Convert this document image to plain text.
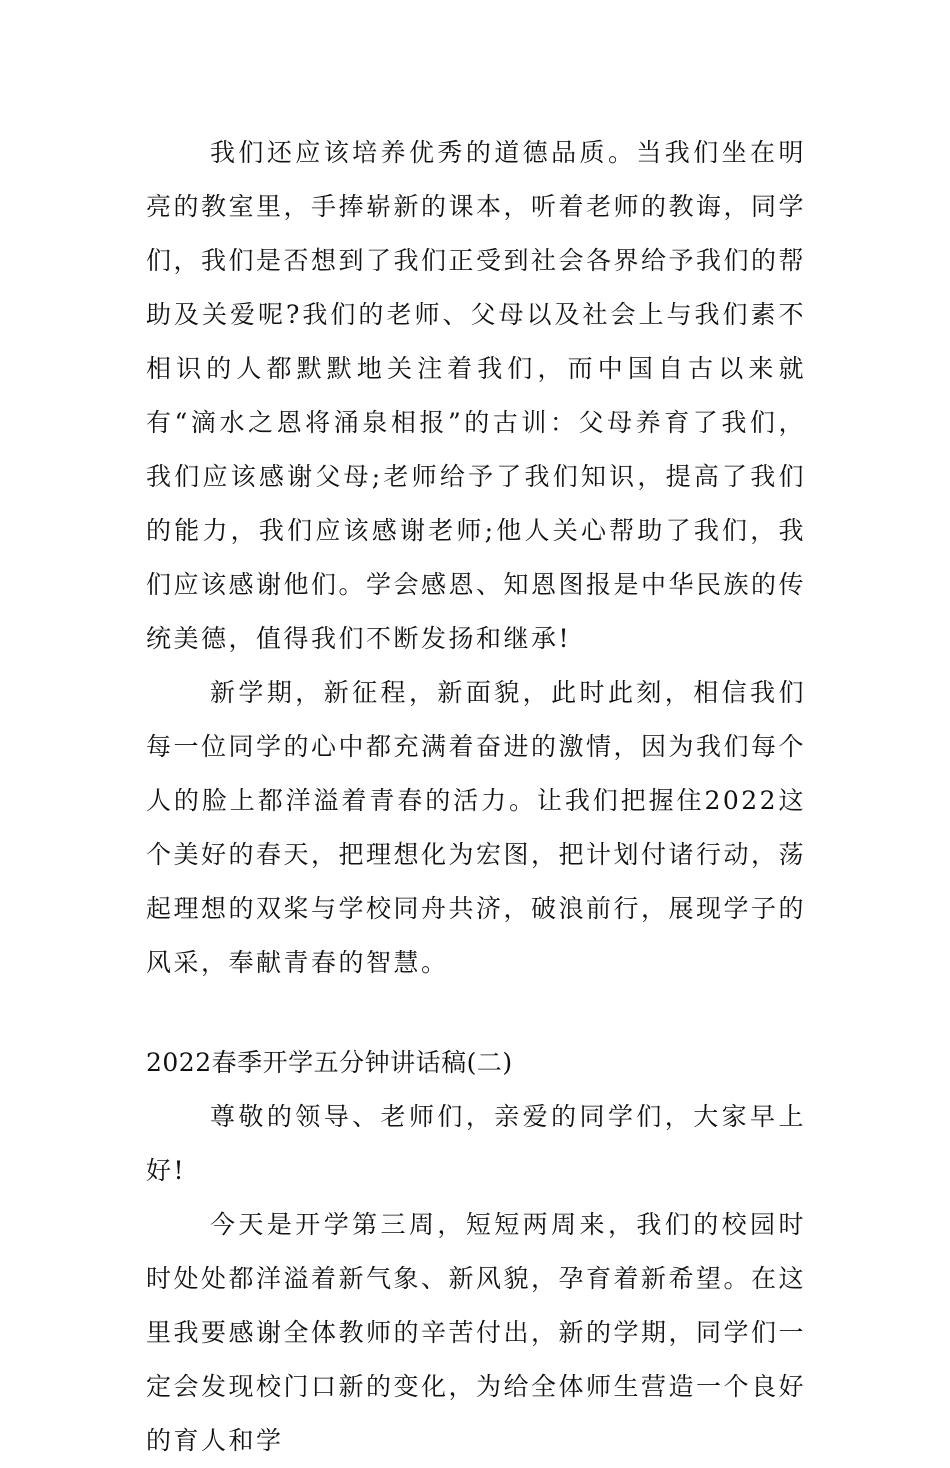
我们还应该培养优秀的道德品质。当我们坐在明亮的教室里，手捧崭新的课本，听着老师的教诲，同学们，我们是否想到了我们正受到社会各界给予我们的帮助及关爱呢?我们的老师、父母以及社会上与我们素不相识的人都默默地关注着我们，而中国自古以来就有“滴水之恩将涌泉相报”的古训：父母养育了我们，我们应该感谢父母;老师给予了我们知识，提高了我们的能力，我们应该感谢老师;他人关心帮助了我们，我们应该感谢他们。学会感恩、知恩图报是中华民族的传统美德，值得我们不断发扬和继承!

新学期，新征程，新面貌，此时此刻，相信我们每一位同学的心中都充满着奋进的激情，因为我们每个人的脸上都洋溢着青春的活力。让我们把握住2022这个美好的春天，把理想化为宏图，把计划付诸行动，荡起理想的双桨与学校同舟共济，破浪前行，展现学子的风采，奉献青春的智慧。

2022春季开学五分钟讲话稿(二)

尊敬的领导、老师们，亲爱的同学们，大家早上好!

今天是开学第三周，短短两周来，我们的校园时时处处都洋溢着新气象、新风貌，孕育着新希望。在这里我要感谢全体教师的辛苦付出，新的学期，同学们一定会发现校门口新的变化，为给全体师生营造一个良好的育人和学
